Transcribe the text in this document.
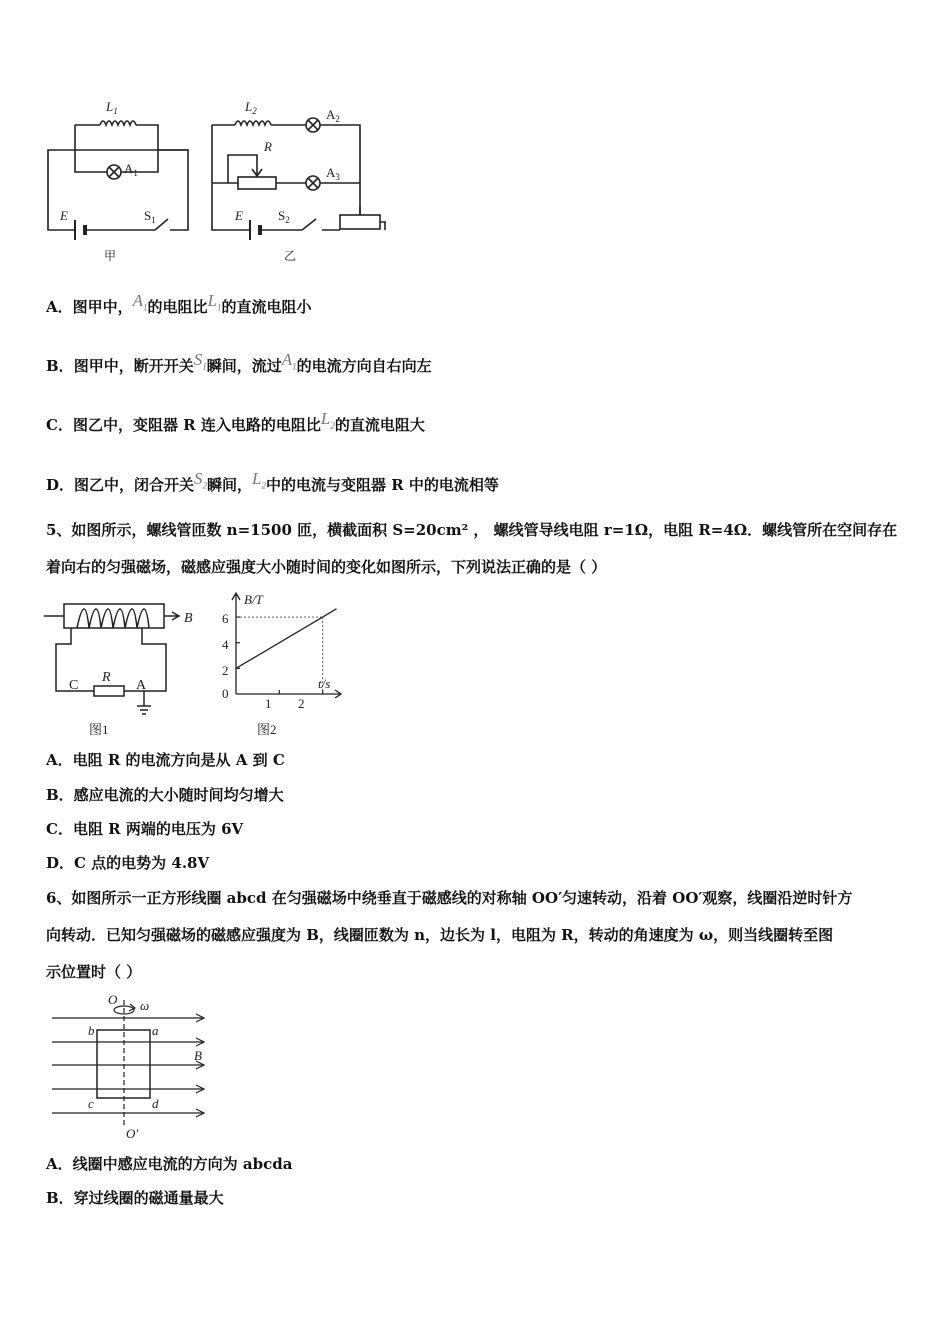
$L_1$
$A_1$
E	$S_1$
甲
$L_2$	$A_2$
R
$A_3$
E	$S_2$
乙
A．图甲中，$A_1$的电阻比$L_1$的直流电阻小
B．图甲中，断开开关$S_1$瞬间，流过$A_1$的电流方向自右向左
C．图乙中，变阻器 R 连入电路的电阻比$L_2$的直流电阻大
D．图乙中，闭合开关$S_2$瞬间，$L_2$中的电流与变阻器 R 中的电流相等
5、如图所示，螺线管匝数 n=1500 匝，横截面积 S=20cm² ， 螺线管导线电阻 r=1Ω，电阻 R=4Ω．螺线管所在空间存在
着向右的匀强磁场，磁感应强度大小随时间的变化如图所示，下列说法正确的是（ ）
B
C
R
A
图1
B/T
t/s
6
4
2
0
1 2
图2
A．电阻 R 的电流方向是从 A 到 C
B．感应电流的大小随时间均匀增大
C．电阻 R 两端的电压为 6V
D．C 点的电势为 4.8V
6、如图所示一正方形线圈 abcd 在匀强磁场中绕垂直于磁感线的对称轴 OO′匀速转动，沿着 OO′观察，线圈沿逆时针方
向转动．已知匀强磁场的磁感应强度为 B，线圈匝数为 n，边长为 l，电阻为 R，转动的角速度为 ω，则当线圈转至图
示位置时（ ）
O ω
b	a
c	d
B
O′
A．线圈中感应电流的方向为 abcda
B．穿过线圈的磁通量最大
